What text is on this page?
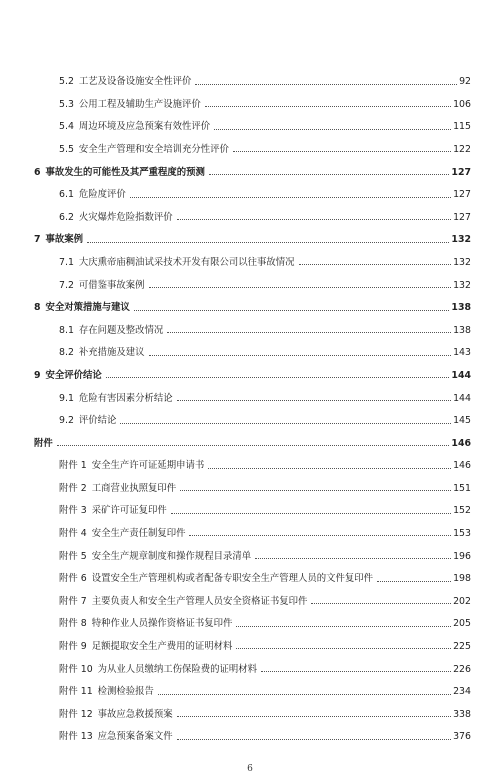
5.2 工艺及设备设施安全性评价	92
5.3 公用工程及辅助生产设施评价	106
5.4 周边环境及应急预案有效性评价	115
5.5 安全生产管理和安全培训充分性评价	122
6 事故发生的可能性及其严重程度的预测	127
6.1 危险度评价	127
6.2 火灾爆炸危险指数评价	127
7 事故案例	132
7.1 大庆熏帝庙稠油试采技术开发有限公司以往事故情况	132
7.2 可借鉴事故案例	132
8 安全对策措施与建议	138
8.1 存在问题及整改情况	138
8.2 补充措施及建议	143
9 安全评价结论	144
9.1 危险有害因素分析结论	144
9.2 评价结论	145
附件	146
附件 1 安全生产许可证延期申请书	146
附件 2 工商营业执照复印件	151
附件 3 采矿许可证复印件	152
附件 4 安全生产责任制复印件	153
附件 5 安全生产规章制度和操作规程目录清单	196
附件 6 设置安全生产管理机构或者配备专职安全生产管理人员的文件复印件	198
附件 7 主要负责人和安全生产管理人员安全资格证书复印件	202
附件 8 特种作业人员操作资格证书复印件	205
附件 9 足额提取安全生产费用的证明材料	225
附件 10 为从业人员缴纳工伤保险费的证明材料	226
附件 11 检测检验报告	234
附件 12 事故应急救援预案	338
附件 13 应急预案备案文件	376
6
